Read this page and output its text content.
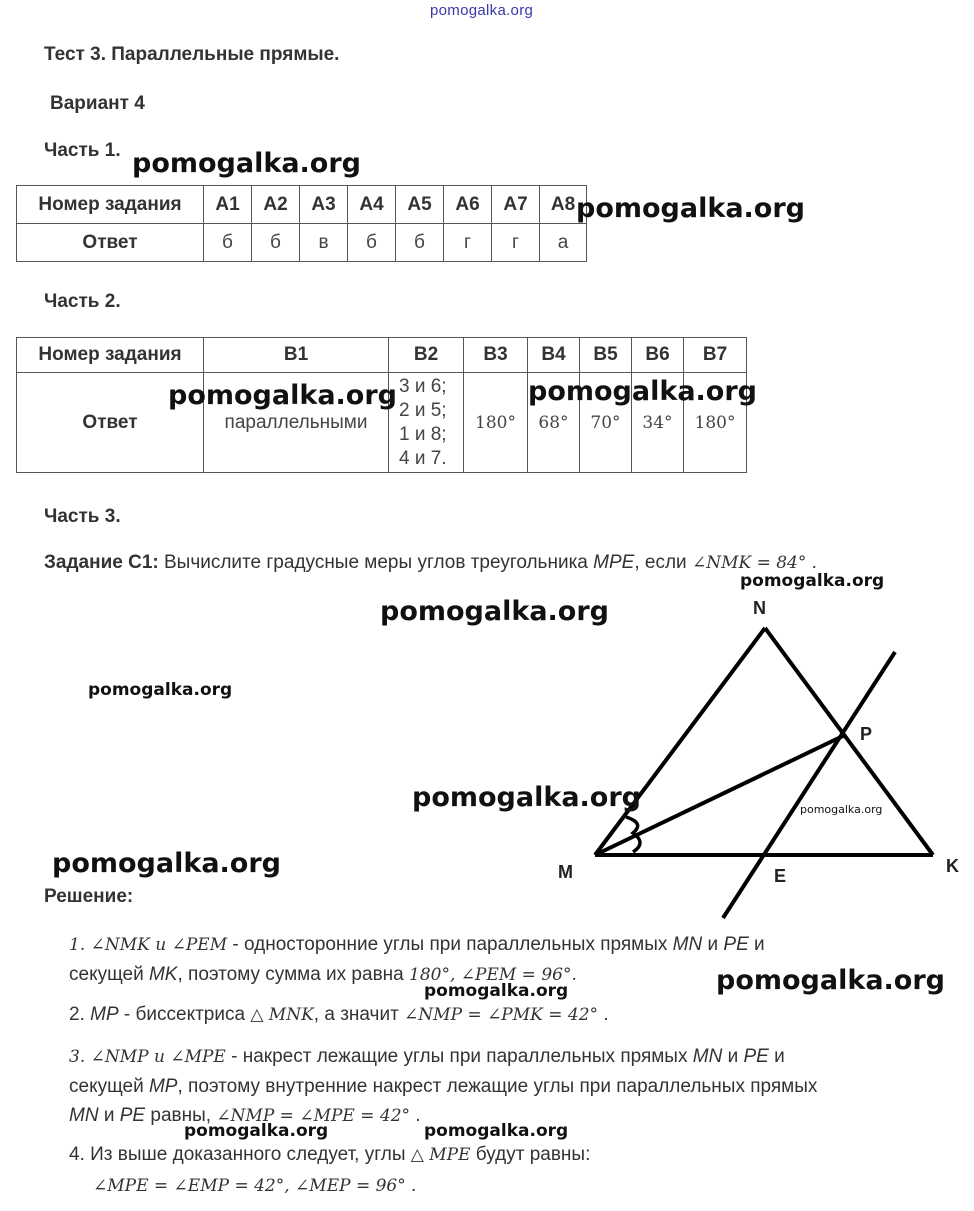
pomogalka.org
Тест 3. Параллельные прямые.
Вариант 4
Часть 1.
Номер задания	A1	A2	A3	A4	A5	A6	A7	A8
Ответ	б	б	в	б	б	г	г	а
Часть 2.
Номер задания	B1	B2	B3	B4	B5	B6	B7
Ответ	параллельными	3 и 6;
2 и 5;
1 и 8;
4 и 7.	180°	68°	70°	34°	180°
Часть 3.
Задание С1: Вычислите градусные меры углов треугольника MPE, если ∠NMK = 84° .
N
P
M	E	K
Решение:
1. ∠NMK и ∠PEM - односторонние углы при параллельных прямых MN и PE и
секущей MK, поэтому сумма их равна 180°, ∠PEM = 96°.
2. MP - биссектриса △ MNK, а значит ∠NMP = ∠PMK = 42° .
3. ∠NMP и ∠MPE - накрест лежащие углы при параллельных прямых MN и PE и
секущей MP, поэтому внутренние накрест лежащие углы при параллельных прямых
MN и PE равны, ∠NMP = ∠MPE = 42° .
4. Из выше доказанного следует, углы △ MPE будут равны:
∠MPE = ∠EMP = 42°, ∠MEP = 96° .
pomogalka.org
pomogalka.org
pomogalka.org	pomogalka.org
pomogalka.org
pomogalka.org
pomogalka.org
pomogalka.org	pomogalka.org
pomogalka.org
pomogalka.org
pomogalka.org
pomogalka.org	pomogalka.org
